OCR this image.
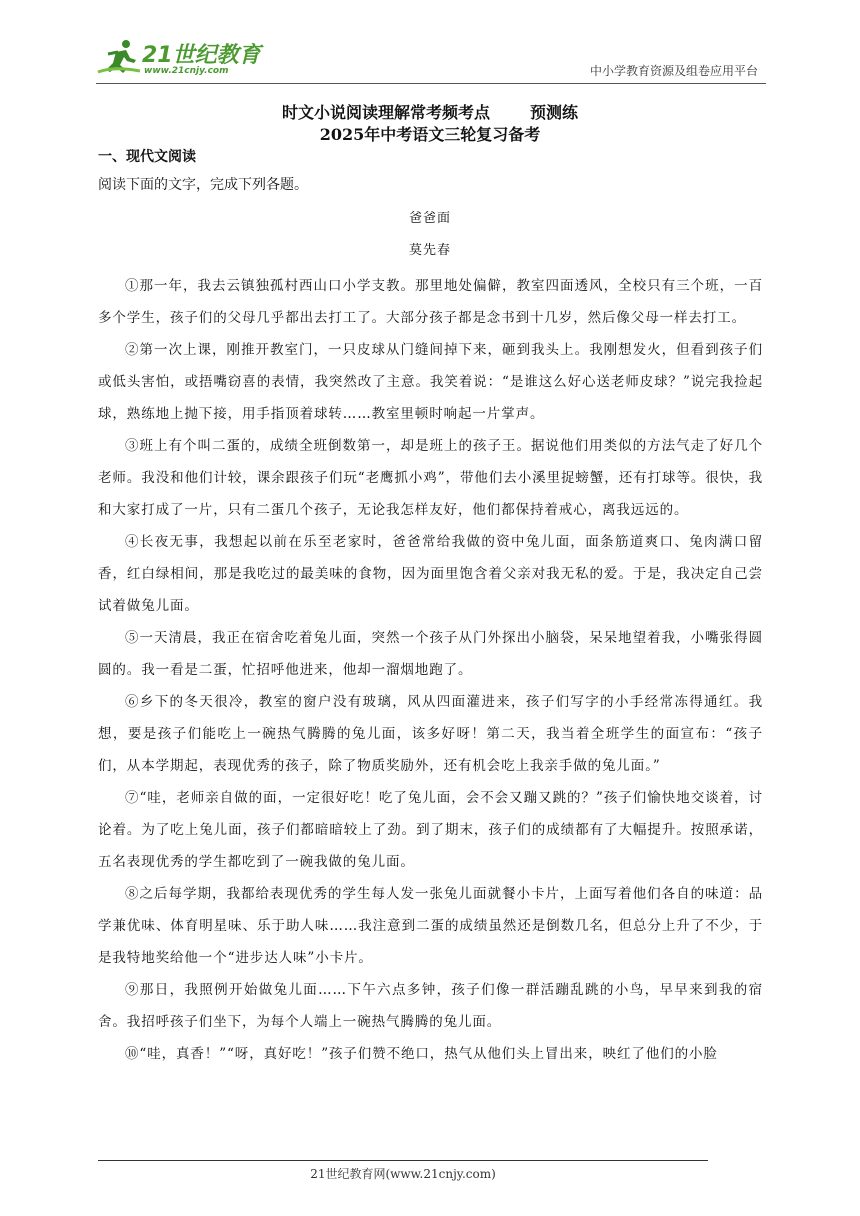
21世纪教育
www.21cnjy.com	中小学教育资源及组卷应用平台
时文小说阅读理解常考频考点	预测练
2025年中考语文三轮复习备考
一、现代文阅读
阅读下面的文字，完成下列各题。
爸爸面
莫先春

①那一年，我去云镇独孤村西山口小学支教。那里地处偏僻，教室四面透风，全校只有三个班，一百多个学生，孩子们的父母几乎都出去打工了。大部分孩子都是念书到十几岁，然后像父母一样去打工。

②第一次上课，刚推开教室门，一只皮球从门缝间掉下来，砸到我头上。我刚想发火，但看到孩子们或低头害怕，或捂嘴窃喜的表情，我突然改了主意。我笑着说：“是谁这么好心送老师皮球？”说完我捡起球，熟练地上抛下接，用手指顶着球转……教室里顿时响起一片掌声。

③班上有个叫二蛋的，成绩全班倒数第一，却是班上的孩子王。据说他们用类似的方法气走了好几个老师。我没和他们计较，课余跟孩子们玩“老鹰抓小鸡”，带他们去小溪里捉螃蟹，还有打球等。很快，我和大家打成了一片，只有二蛋几个孩子，无论我怎样友好，他们都保持着戒心，离我远远的。

④长夜无事，我想起以前在乐至老家时，爸爸常给我做的资中兔儿面，面条筋道爽口、兔肉满口留香，红白绿相间，那是我吃过的最美味的食物，因为面里饱含着父亲对我无私的爱。于是，我决定自己尝试着做兔儿面。

⑤一天清晨，我正在宿舍吃着兔儿面，突然一个孩子从门外探出小脑袋，呆呆地望着我，小嘴张得圆圆的。我一看是二蛋，忙招呼他进来，他却一溜烟地跑了。

⑥乡下的冬天很冷，教室的窗户没有玻璃，风从四面灌进来，孩子们写字的小手经常冻得通红。我想，要是孩子们能吃上一碗热气腾腾的兔儿面，该多好呀！第二天，我当着全班学生的面宣布：“孩子们，从本学期起，表现优秀的孩子，除了物质奖励外，还有机会吃上我亲手做的兔儿面。”

⑦“哇，老师亲自做的面，一定很好吃！吃了兔儿面，会不会又蹦又跳的？”孩子们愉快地交谈着，讨论着。为了吃上兔儿面，孩子们都暗暗较上了劲。到了期末，孩子们的成绩都有了大幅提升。按照承诺，五名表现优秀的学生都吃到了一碗我做的兔儿面。

⑧之后每学期，我都给表现优秀的学生每人发一张兔儿面就餐小卡片，上面写着他们各自的味道：品学兼优味、体育明星味、乐于助人味……我注意到二蛋的成绩虽然还是倒数几名，但总分上升了不少，于是我特地奖给他一个“进步达人味”小卡片。

⑨那日，我照例开始做兔儿面……下午六点多钟，孩子们像一群活蹦乱跳的小鸟，早早来到我的宿舍。我招呼孩子们坐下，为每个人端上一碗热气腾腾的兔儿面。

⑩“哇，真香！”“呀，真好吃！”孩子们赞不绝口，热气从他们头上冒出来，映红了他们的小脸

21世纪教育网(www.21cnjy.com)
